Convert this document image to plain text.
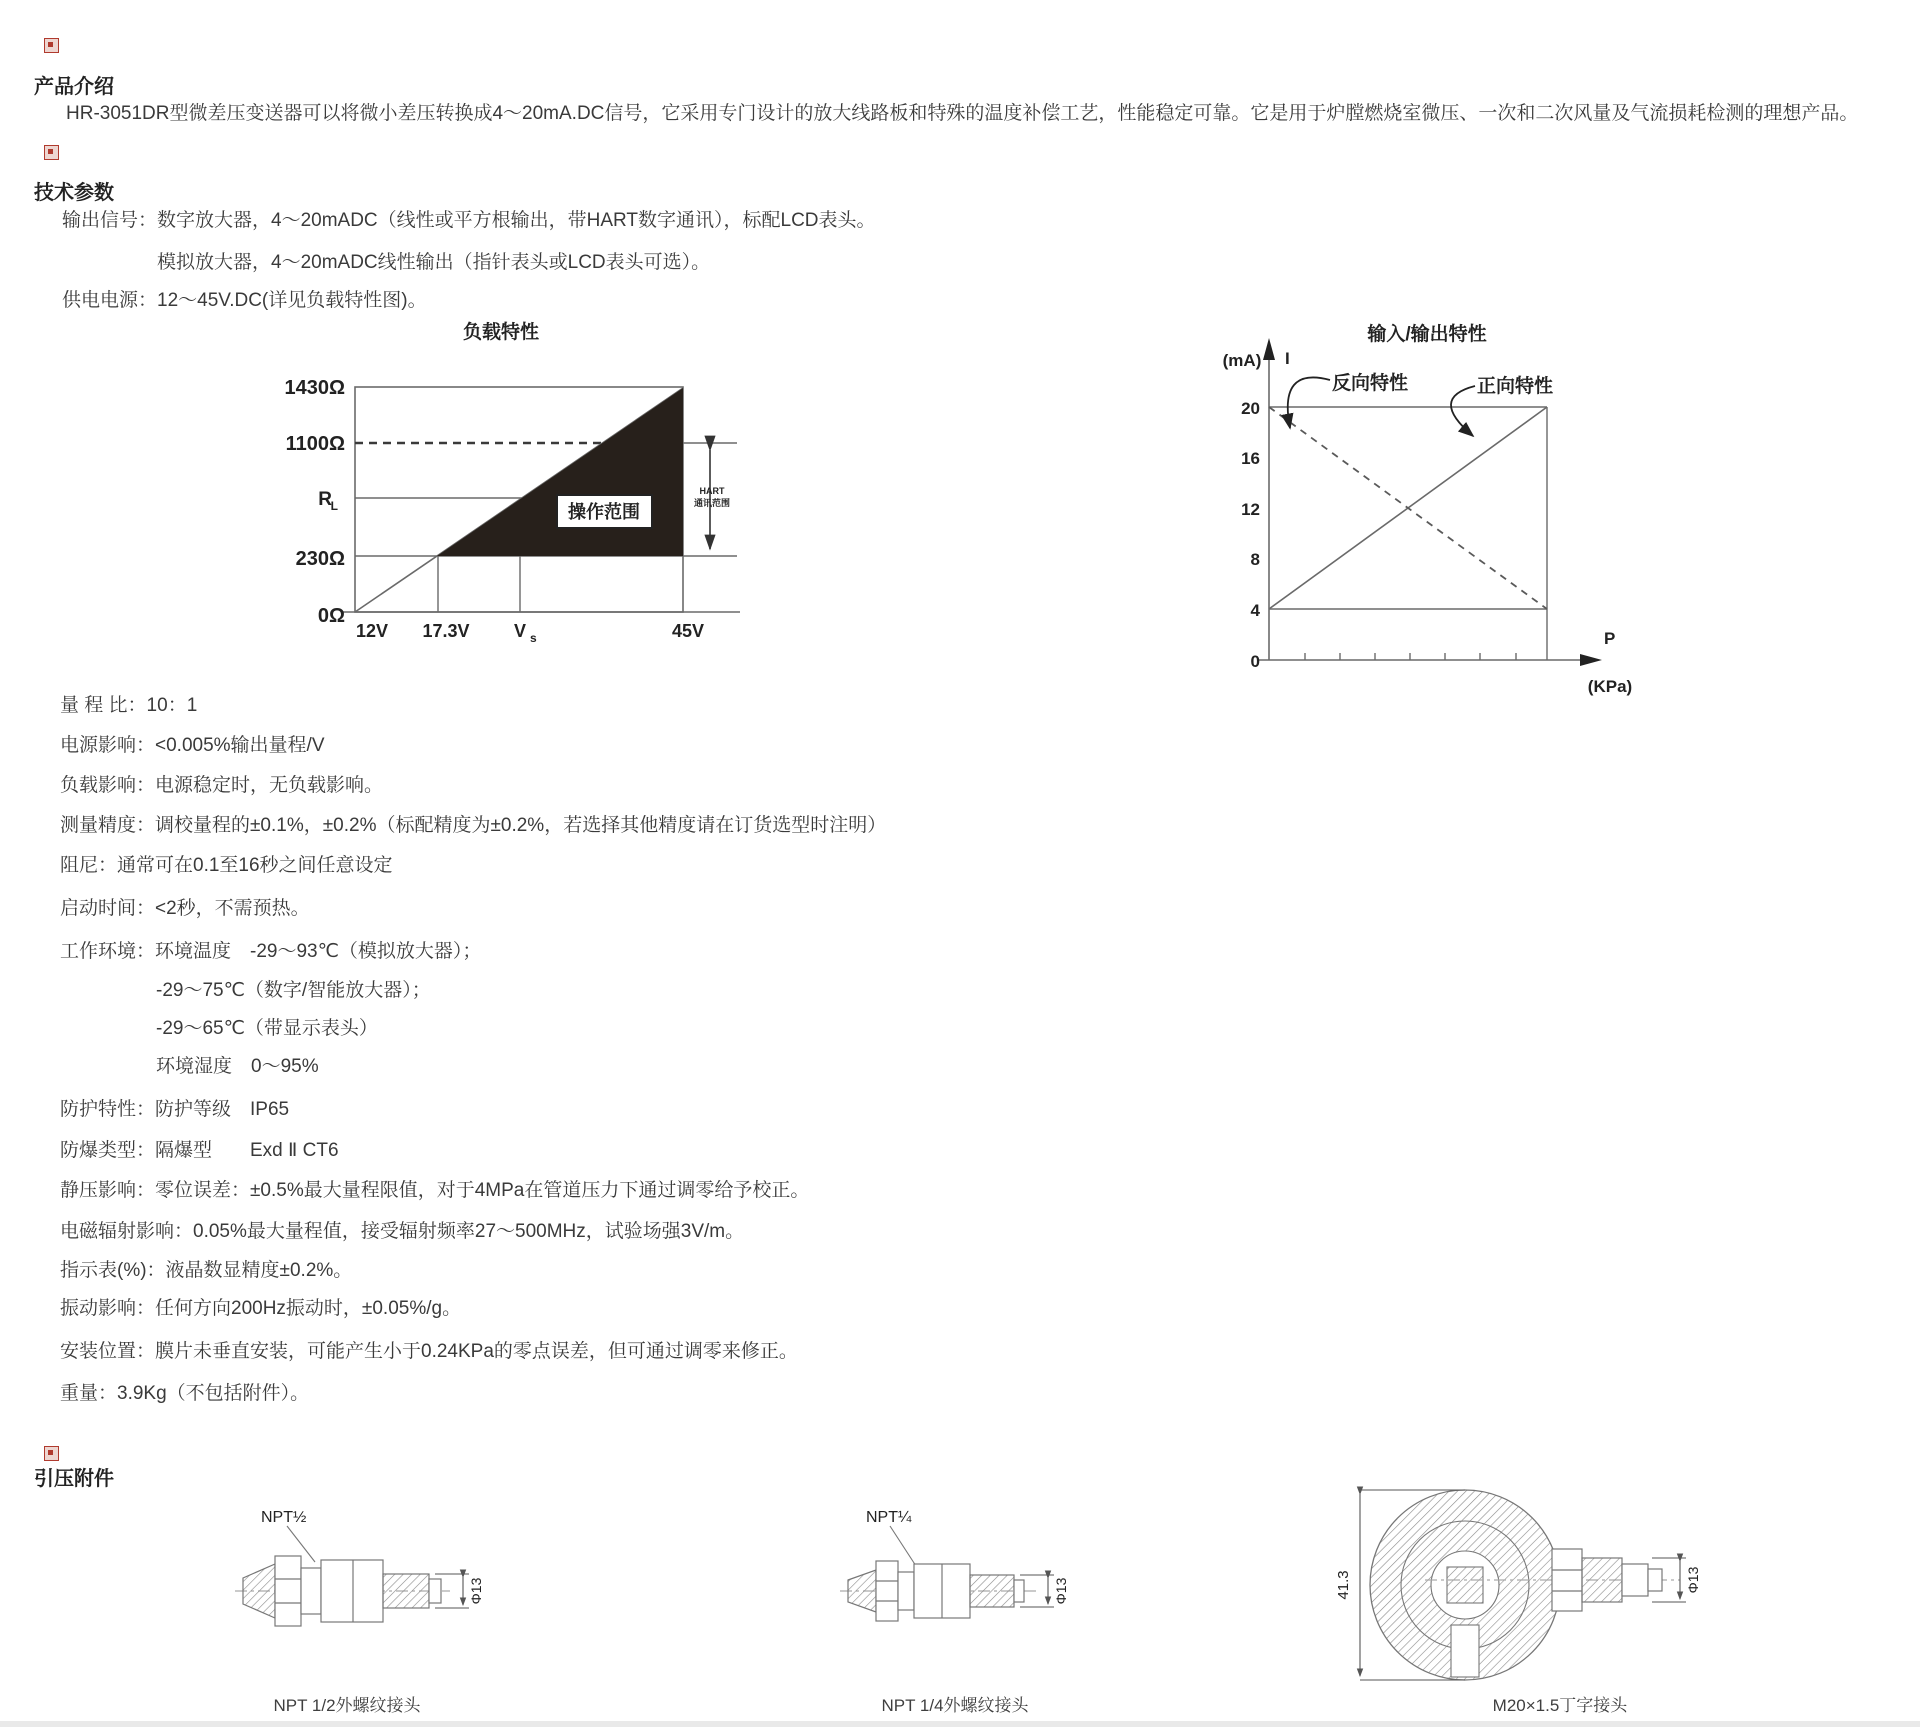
产品介绍
HR-3051DR型微差压变送器可以将微小差压转换成4～20mA.DC信号，它采用专门设计的放大线路板和特殊的温度补偿工艺，性能稳定可靠。它是用于炉膛燃烧室微压、一次和二次风量及气流损耗检测的理想产品。
技术参数
输出信号：数字放大器，4～20mADC（线性或平方根输出，带HART数字通讯），标配LCD表头。
模拟放大器，4～20mADC线性输出（指针表头或LCD表头可选）。
供电电源：12～45V.DC(详见负载特性图)。
负载特性
操作范围
1430Ω
1100Ω
R
L
230Ω
0Ω
12V 17.3V V s	45V
HART
通讯范围
输入/输出特性
20
16
12
8
4
0
(mA) I
P
(KPa)
反向特性	正向特性
量 程 比：10：1
电源影响：<0.005%输出量程/V
负载影响：电源稳定时，无负载影响。
测量精度：调校量程的±0.1%，±0.2%（标配精度为±0.2%，若选择其他精度请在订货选型时注明）
阻尼：通常可在0.1至16秒之间任意设定
启动时间：<2秒，不需预热。
工作环境：环境温度　-29～93℃（模拟放大器）；
-29～75℃（数字/智能放大器）；
-29～65℃（带显示表头）
环境湿度　0～95%
防护特性：防护等级　IP65
防爆类型：隔爆型　　Exd Ⅱ CT6
静压影响：零位误差：±0.5%最大量程限值，对于4MPa在管道压力下通过调零给予校正。
电磁辐射影响：0.05%最大量程值，接受辐射频率27～500MHz，试验场强3V/m。
指示表(%)：液晶数显精度±0.2%。
振动影响：任何方向200Hz振动时，±0.05%/g。
安装位置：膜片未垂直安装，可能产生小于0.24KPa的零点误差，但可通过调零来修正。
重量：3.9Kg（不包括附件）。
引压附件
NPT½
Φ13
NPT 1/2外螺纹接头
NPT¼
Φ13
NPT 1/4外螺纹接头
Φ13
41.3
M20×1.5丁字接头
